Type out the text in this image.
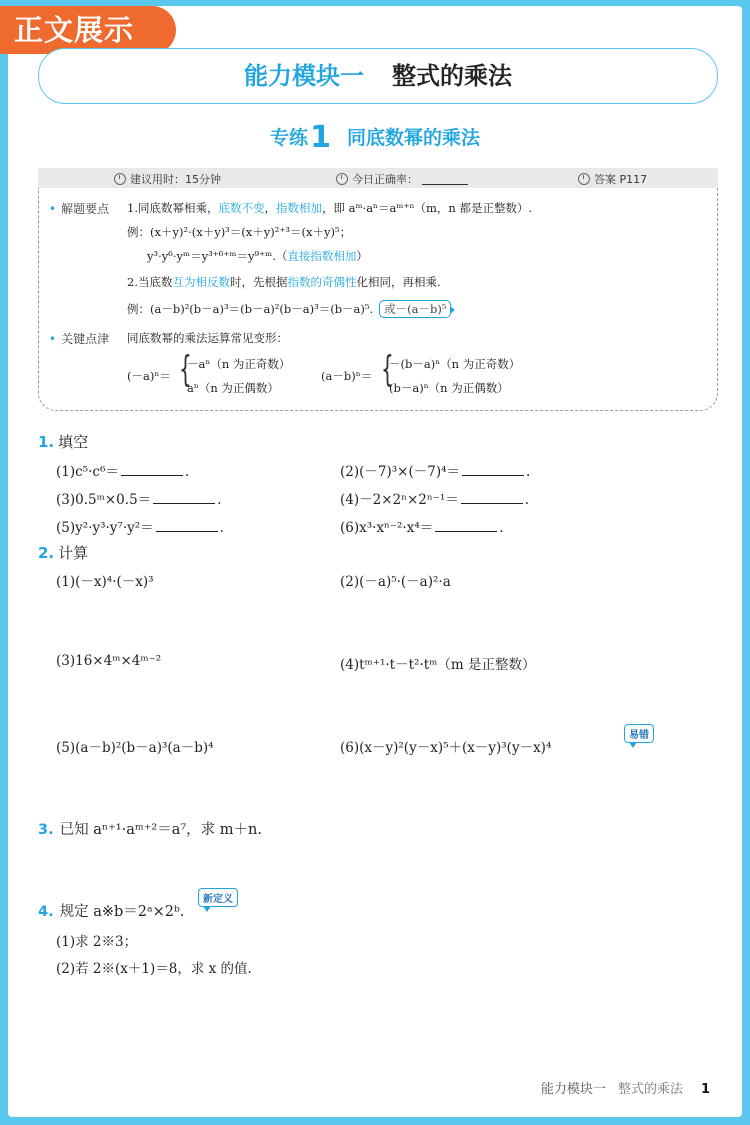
正文展示
能力模块一 整式的乘法
专练1 同底数幂的乘法
建议用时：15分钟	今日正确率：	答案 P117
• 解题要点 1.同底数幂相乘，底数不变，指数相加，即 aᵐ·aⁿ＝aᵐ⁺ⁿ（m，n 都是正整数）.
例：(x＋y)²·(x＋y)³＝(x＋y)²⁺³＝(x＋y)⁵；
y³·y⁶·yᵐ＝y³⁺⁶⁺ᵐ＝y⁹⁺ᵐ.（直接指数相加）
2.当底数互为相反数时，先根据指数的奇偶性化相同，再相乘.
例：(a－b)²(b－a)³＝(b－a)²(b－a)³＝(b－a)⁵. 或－(a－b)⁵
• 关键点津 同底数幂的乘法运算常见变形：
(－a)ⁿ＝ {
－aⁿ（n 为正奇数）
aⁿ（n 为正偶数）
(a－b)ⁿ＝ {
－(b－a)ⁿ（n 为正奇数）
(b－a)ⁿ（n 为正偶数）
1. 填空
(1)c⁵·c⁶＝	.	(2)(－7)³×(－7)⁴＝	.
(3)0.5ᵐ×0.5＝	.	(4)－2×2ⁿ×2ⁿ⁻¹＝	.
(5)y²·y³·y⁷·y²＝	.	(6)x³·xⁿ⁻²·x⁴＝	.
2. 计算
(1)(－x)⁴·(－x)³	(2)(－a)⁵·(－a)²·a
(3)16×4ᵐ×4ᵐ⁻²	(4)tᵐ⁺¹·t－t²·tᵐ（m 是正整数）
(5)(a－b)²(b－a)³(a－b)⁴	(6)(x－y)²(y－x)⁵＋(x－y)³(y－x)⁴
易错
3. 已知 aⁿ⁺¹·aᵐ⁺²＝a⁷，求 m＋n.
4. 规定 a※b＝2ᵃ×2ᵇ.
新定义
(1)求 2※3；
(2)若 2※(x＋1)＝8，求 x 的值.
能力模块一 整式的乘法 1
